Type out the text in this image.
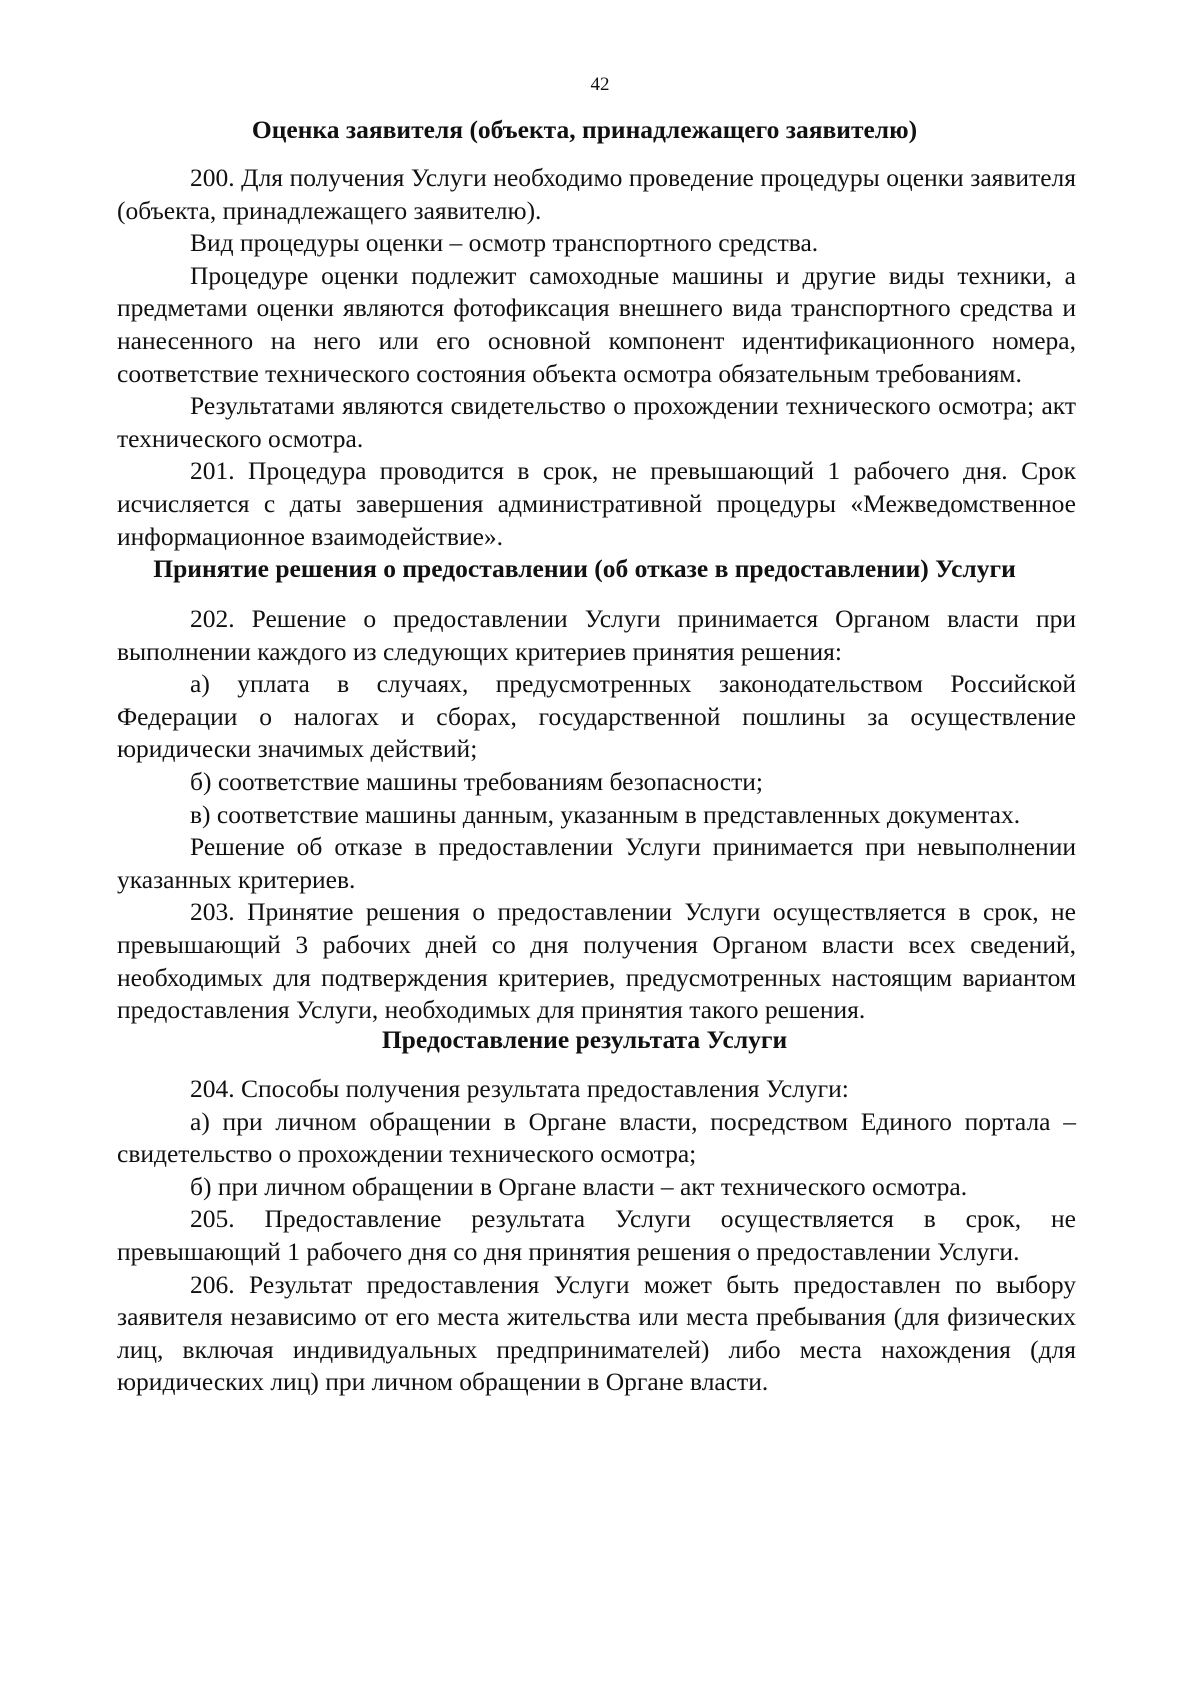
42
Оценка заявителя (объекта, принадлежащего заявителю)

200. Для получения Услуги необходимо проведение процедуры оценки заявителя (объекта, принадлежащего заявителю).

Вид процедуры оценки – осмотр транспортного средства.

Процедуре оценки подлежит самоходные машины и другие виды техники, а предметами оценки являются фотофиксация внешнего вида транспортного средства и нанесенного на него или его основной компонент идентификационного номера, соответствие технического состояния объекта осмотра обязательным требованиям.

Результатами являются свидетельство о прохождении технического осмотра; акт технического осмотра.

201. Процедура проводится в срок, не превышающий 1 рабочего дня. Срок исчисляется с даты завершения административной процедуры «Межведомственное информационное взаимодействие».

Принятие решения о предоставлении (об отказе в предоставлении) Услуги

202. Решение о предоставлении Услуги принимается Органом власти при выполнении каждого из следующих критериев принятия решения:

а) уплата в случаях, предусмотренных законодательством Российской Федерации о налогах и сборах, государственной пошлины за осуществление юридически значимых действий;

б) соответствие машины требованиям безопасности;

в) соответствие машины данным, указанным в представленных документах.

Решение об отказе в предоставлении Услуги принимается при невыполнении указанных критериев.

203. Принятие решения о предоставлении Услуги осуществляется в срок, не превышающий 3 рабочих дней со дня получения Органом власти всех сведений, необходимых для подтверждения критериев, предусмотренных настоящим вариантом предоставления Услуги, необходимых для принятия такого решения.

Предоставление результата Услуги

204. Способы получения результата предоставления Услуги:

а) при личном обращении в Органе власти, посредством Единого портала – свидетельство о прохождении технического осмотра;

б) при личном обращении в Органе власти – акт технического осмотра.

205. Предоставление результата Услуги осуществляется в срок, не превышающий 1 рабочего дня со дня принятия решения о предоставлении Услуги.

206. Результат предоставления Услуги может быть предоставлен по выбору заявителя независимо от его места жительства или места пребывания (для физических лиц, включая индивидуальных предпринимателей) либо места нахождения (для юридических лиц) при личном обращении в Органе власти.
